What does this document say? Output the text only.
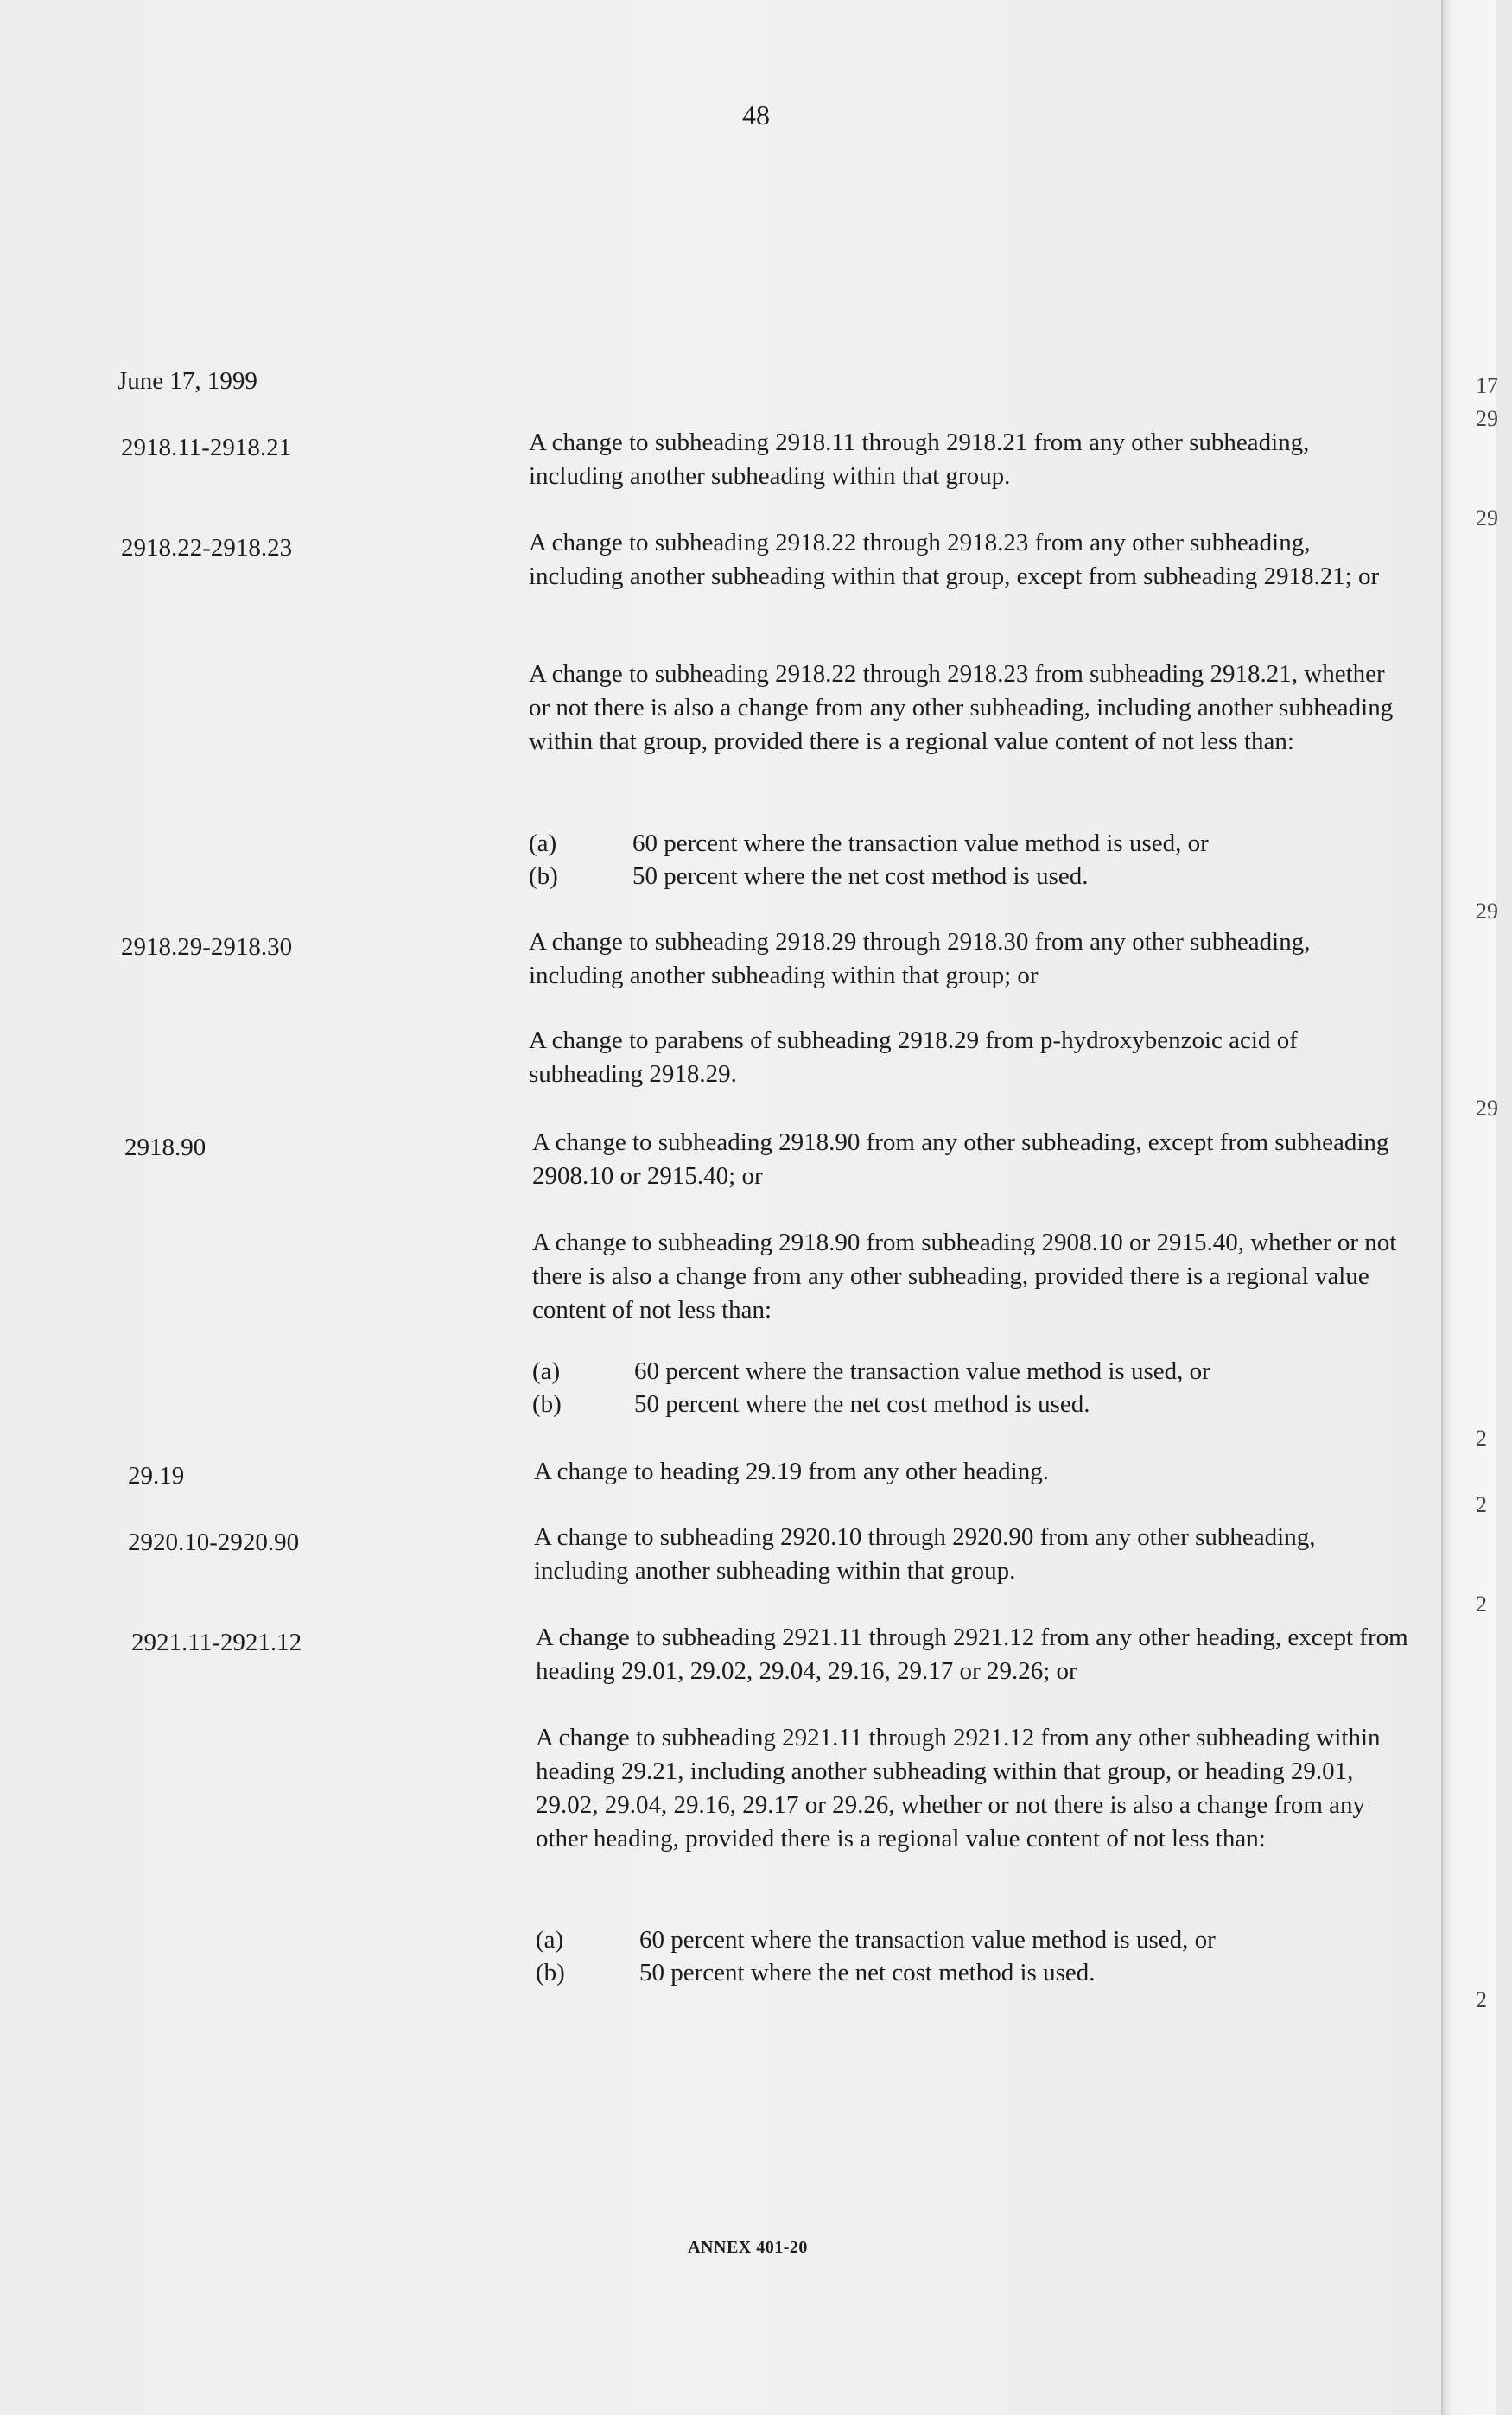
48
June 17, 1999
2918.11-2918.21	A change to subheading 2918.11 through 2918.21 from any other subheading, including another subheading within that group.
2918.22-2918.23	A change to subheading 2918.22 through 2918.23 from any other subheading, including another subheading within that group, except from subheading 2918.21; or
A change to subheading 2918.22 through 2918.23 from subheading 2918.21, whether or not there is also a change from any other subheading, including another subheading within that group, provided there is a regional value content of not less than:
(a)	60 percent where the transaction value method is used, or
(b)	50 percent where the net cost method is used.
2918.29-2918.30	A change to subheading 2918.29 through 2918.30 from any other subheading, including another subheading within that group; or
A change to parabens of subheading 2918.29 from p-hydroxybenzoic acid of subheading 2918.29.
2918.90	A change to subheading 2918.90 from any other subheading, except from subheading 2908.10 or 2915.40; or
A change to subheading 2918.90 from subheading 2908.10 or 2915.40, whether or not there is also a change from any other subheading, provided there is a regional value content of not less than:
(a)	60 percent where the transaction value method is used, or
(b)	50 percent where the net cost method is used.
29.19	A change to heading 29.19 from any other heading.
2920.10-2920.90	A change to subheading 2920.10 through 2920.90 from any other subheading, including another subheading within that group.
2921.11-2921.12	A change to subheading 2921.11 through 2921.12 from any other heading, except from heading 29.01, 29.02, 29.04, 29.16, 29.17 or 29.26; or
A change to subheading 2921.11 through 2921.12 from any other subheading within heading 29.21, including another subheading within that group, or heading 29.01, 29.02, 29.04, 29.16, 29.17 or 29.26, whether or not there is also a change from any other heading, provided there is a regional value content of not less than:
(a)	60 percent where the transaction value method is used, or
(b)	50 percent where the net cost method is used.
ANNEX 401-20
17
29
29
29
29
2
2
2
2
